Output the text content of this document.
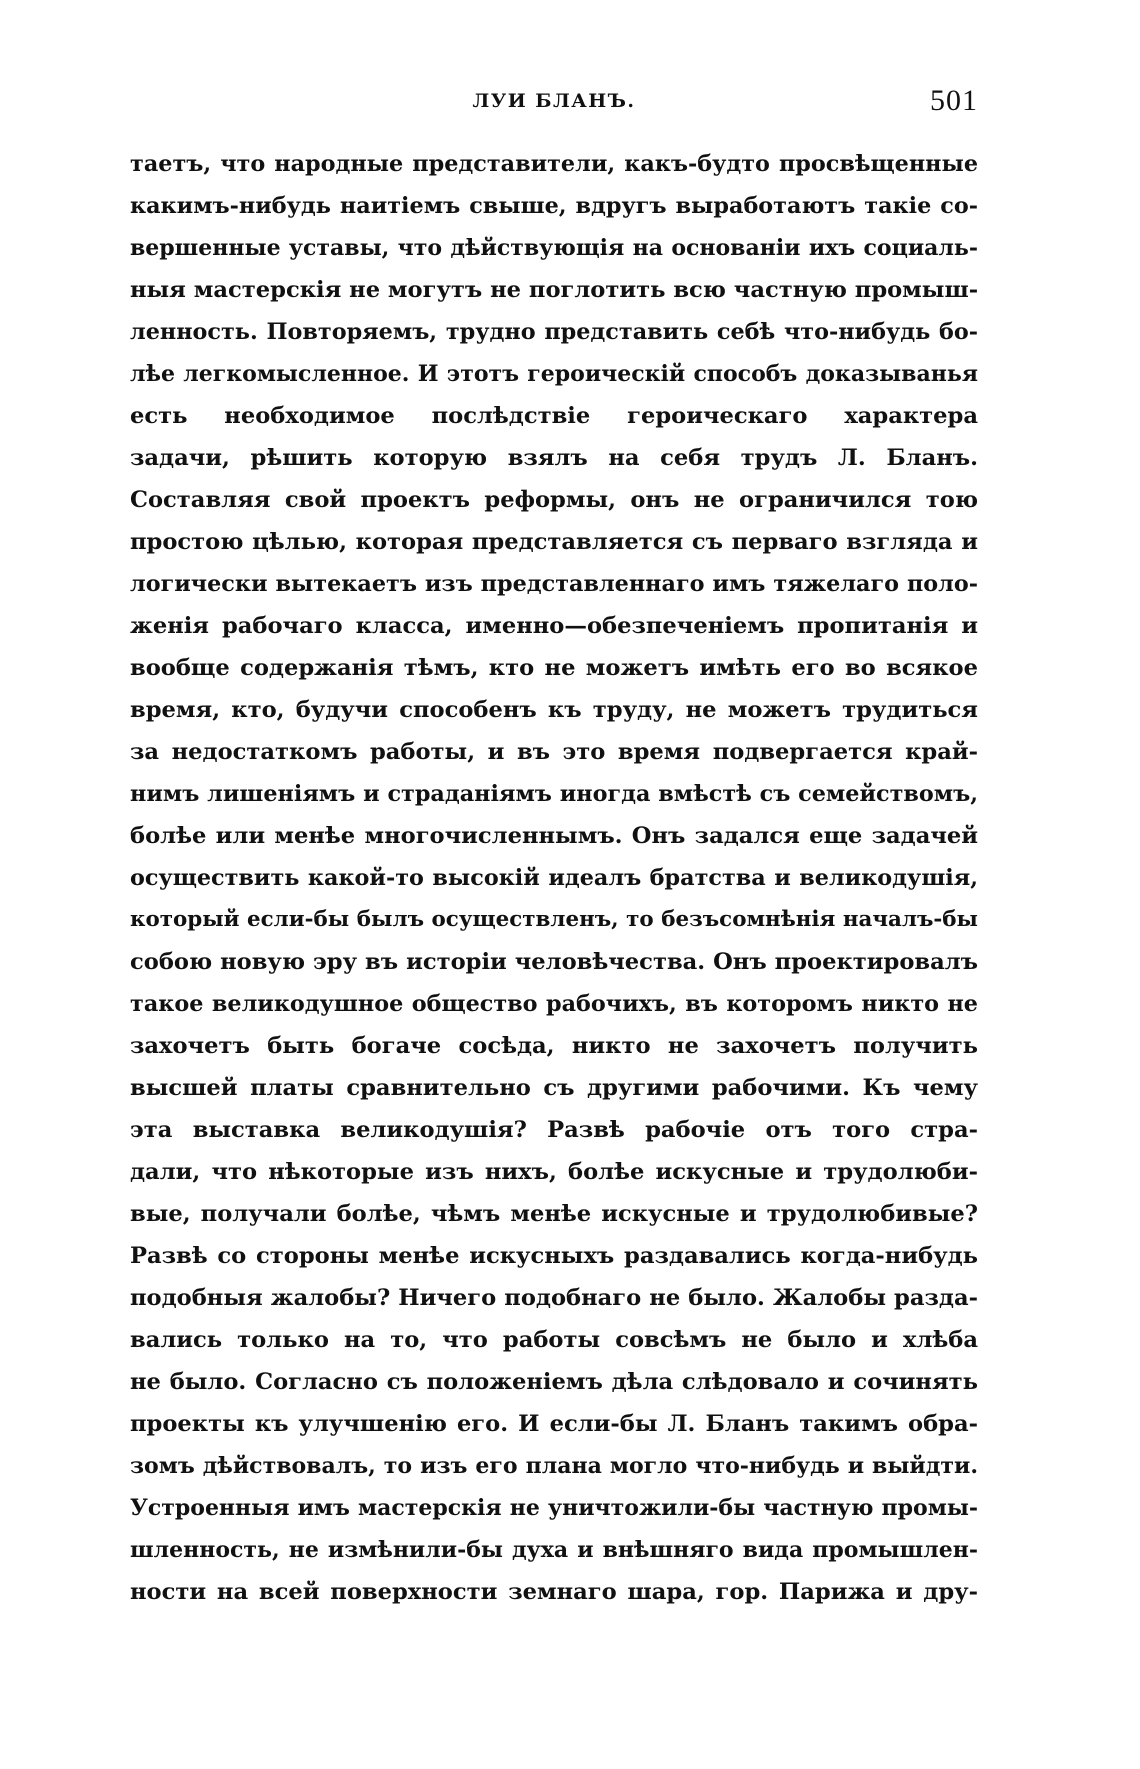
ЛУИ БЛАНЪ.	501
таетъ, что народные представители, какъ-будто просвѣщенные
какимъ-нибудь наитіемъ свыше, вдругъ выработаютъ такіе со-
вершенные уставы, что дѣйствующія на основаніи ихъ социаль-
ныя мастерскія не могутъ не поглотить всю частную промыш-
ленность. Повторяемъ, трудно представить себѣ что-нибудь бо-
лѣе легкомысленное. И этотъ героическій способъ доказыванья
есть необходимое послѣдствіе героическаго характера
задачи, рѣшить которую взялъ на себя трудъ Л. Бланъ.
Составляя свой проектъ реформы, онъ не ограничился тою
простою цѣлью, которая представляется съ перваго взгляда и
логически вытекаетъ изъ представленнаго имъ тяжелаго поло-
женія рабочаго класса, именно—обезпеченіемъ пропитанія и
вообще содержанія тѣмъ, кто не можетъ имѣть его во всякое
время, кто, будучи способенъ къ труду, не можетъ трудиться
за недостаткомъ работы, и въ это время подвергается край-
нимъ лишеніямъ и страданіямъ иногда вмѣстѣ съ семействомъ,
болѣе или менѣе многочисленнымъ. Онъ задался еще задачей
осуществить какой-то высокій идеалъ братства и великодушія,
который если-бы былъ осуществленъ, то безъсомнѣнія началъ-бы
собою новую эру въ исторіи человѣчества. Онъ проектировалъ
такое великодушное общество рабочихъ, въ которомъ никто не
захочетъ быть богаче сосѣда, никто не захочетъ получить
высшей платы сравнительно съ другими рабочими. Къ чему
эта выставка великодушія? Развѣ рабочіе отъ того стра-
дали, что нѣкоторые изъ нихъ, болѣе искусные и трудолюби-
вые, получали болѣе, чѣмъ менѣе искусные и трудолюбивые?
Развѣ со стороны менѣе искусныхъ раздавались когда-нибудь
подобныя жалобы? Ничего подобнаго не было. Жалобы разда-
вались только на то, что работы совсѣмъ не было и хлѣба
не было. Согласно съ положеніемъ дѣла слѣдовало и сочинять
проекты къ улучшенію его. И если-бы Л. Бланъ такимъ обра-
зомъ дѣйствовалъ, то изъ его плана могло что-нибудь и выйдти.
Устроенныя имъ мастерскія не уничтожили-бы частную промы-
шленность, не измѣнили-бы духа и внѣшняго вида промышлен-
ности на всей поверхности земнаго шара, гор. Парижа и дру-
